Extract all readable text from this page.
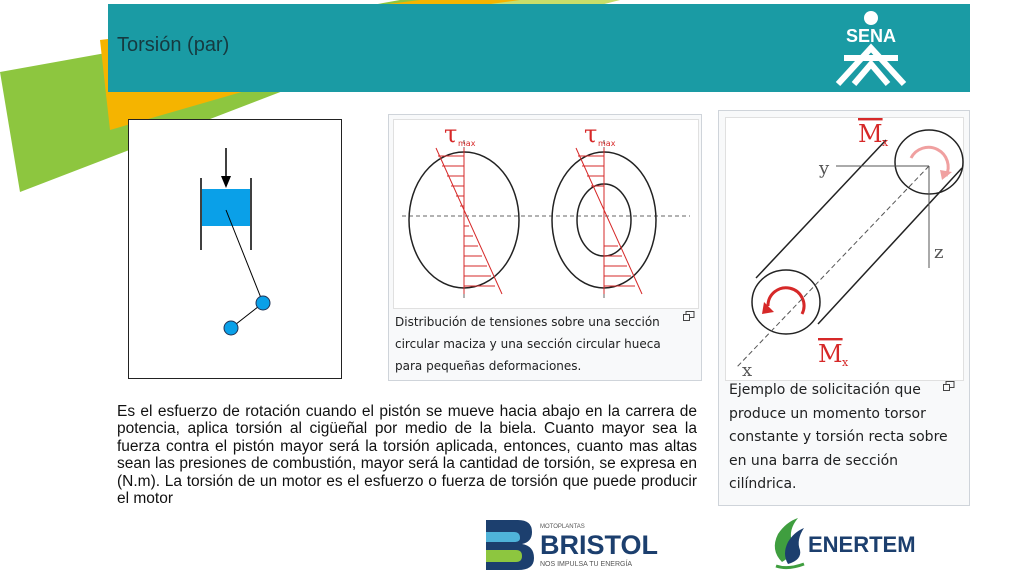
Torsión (par)	SENA
τ max	τ max
Distribución de tensiones sobre una sección circular maciza y una sección circular hueca para pequeñas deformaciones.
y
z
x
M x
M x
Ejemplo de solicitación que produce un momento torsor constante y torsión recta sobre en una barra de sección cilíndrica.
Es el esfuerzo de rotación cuando el pistón se mueve hacia abajo en la carrera de potencia, aplica torsión al cigüeñal por medio de la biela. Cuanto mayor sea la fuerza contra el pistón mayor será la torsión aplicada, entonces, cuanto mas altas sean las presiones de combustión, mayor será la cantidad de torsión, se expresa en (N.m). La torsión de un motor es el esfuerzo o fuerza de torsión que puede producir el motor
MOTOPLANTAS
BRISTOL
NOS IMPULSA TU ENERGÍA
ENERTEM
